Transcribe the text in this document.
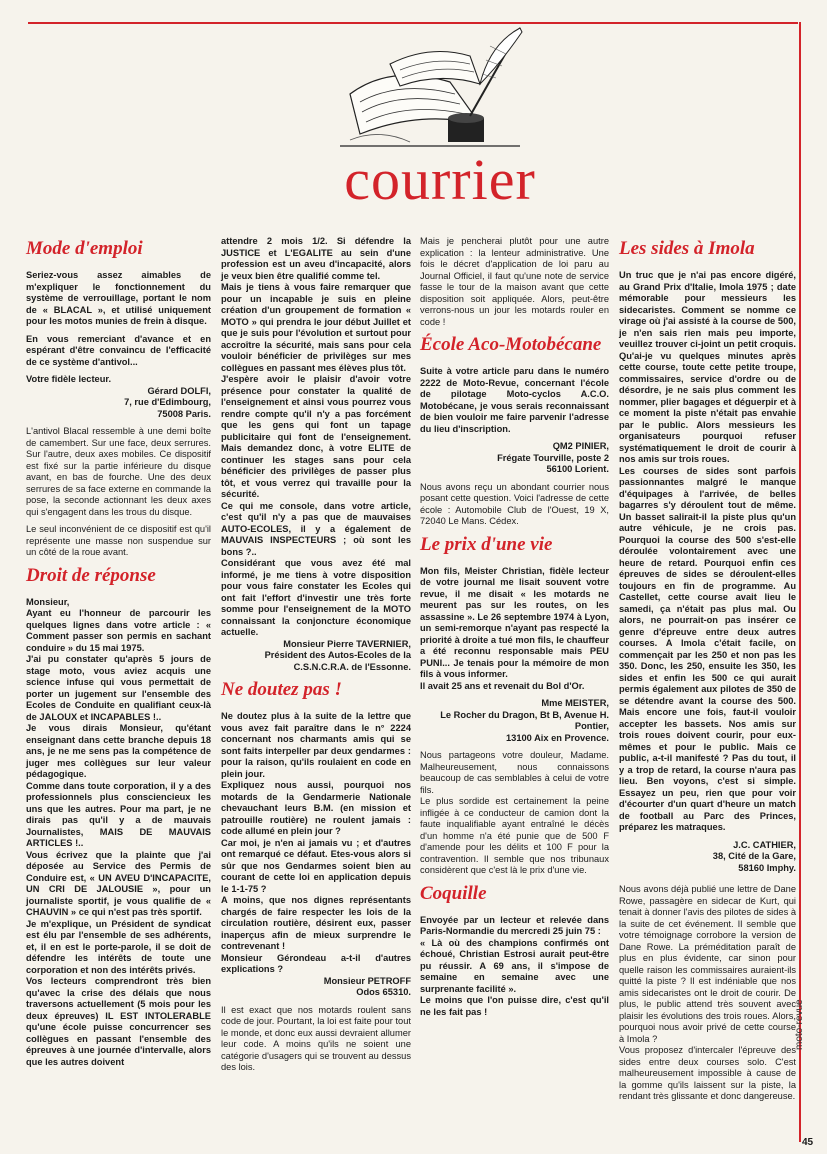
courrier
Mode d'emploi

Seriez-vous assez aimables de m'expliquer le fonctionnement du système de verrouillage, portant le nom de « BLACAL », et utilisé uniquement pour les motos munies de frein à disque.

En vous remerciant d'avance et en espérant d'être convaincu de l'efficacité de ce système d'antivol...

Votre fidèle lecteur.

Gérard DOLFI,

7, rue d'Edimbourg,

75008 Paris.

L'antivol Blacal ressemble à une demi boîte de camembert. Sur une face, deux serrures. Sur l'autre, deux axes mobiles. Ce dispositif est fixé sur la partie inférieure du disque avant, en bas de fourche. Une des deux serrures de sa face externe en commande la pose, la seconde actionnant les deux axes qui s'engagent dans les trous du disque.

Le seul inconvénient de ce dispositif est qu'il représente une masse non suspendue sur un côté de la roue avant.

Droit de réponse

Monsieur,

Ayant eu l'honneur de parcourir les quelques lignes dans votre article : « Comment passer son permis en sachant conduire » du 15 mai 1975.

J'ai pu constater qu'après 5 jours de stage moto, vous aviez acquis une science infuse qui vous permettait de porter un jugement sur l'ensemble des Ecoles de Conduite en qualifiant ceux-là de JALOUX et INCAPABLES !..

Je vous dirais Monsieur, qu'étant enseignant dans cette branche depuis 18 ans, je ne me sens pas la compétence de juger mes collègues sur leur valeur pédagogique.

Comme dans toute corporation, il y a des professionnels plus consciencieux les uns que les autres. Pour ma part, je ne dirais pas qu'il y a de mauvais Journalistes, MAIS DE MAUVAIS ARTICLES !..

Vous écrivez que la plainte que j'ai déposée au Service des Permis de Conduire est, « UN AVEU D'INCAPACITE, UN CRI DE JALOUSIE », pour un journaliste sportif, je vous qualifie de « CHAUVIN » ce qui n'est pas très sportif.

Je m'explique, un Président de syndicat est élu par l'ensemble de ses adhérents, et, il en est le porte-parole, il se doit de défendre les intérêts de toute une corporation et non des intérêts privés.

Vos lecteurs comprendront très bien qu'avec la crise des délais que nous traversons actuellement (5 mois pour les deux épreuves) IL EST INTOLERABLE qu'une école puisse concurrencer ses collègues en passant l'ensemble des épreuves à une journée d'intervalle, alors que les autres doivent

attendre 2 mois 1/2. Si défendre la JUSTICE et L'EGALITE au sein d'une profession est un aveu d'incapacité, alors je veux bien être qualifié comme tel.

Mais je tiens à vous faire remarquer que pour un incapable je suis en pleine création d'un groupement de formation « MOTO » qui prendra le jour début Juillet et que je suis pour l'évolution et surtout pour accroître la sécurité, mais sans pour cela vouloir bénéficier de privilèges sur mes collègues en passant mes élèves plus tôt.

J'espère avoir le plaisir d'avoir votre présence pour constater la qualité de l'enseignement et ainsi vous pourrez vous rendre compte qu'il n'y a pas forcément que les gens qui font un tapage publicitaire qui font de l'enseignement. Mais demandez donc, à votre ELITE de continuer les stages sans pour cela bénéficier des privilèges de passer plus tôt, et vous verrez qui travaille pour la sécurité.

Ce qui me console, dans votre article, c'est qu'il n'y a pas que de mauvaises AUTO-ECOLES, il y a également de MAUVAIS INSPECTEURS ; où sont les bons ?..

Considérant que vous avez été mal informé, je me tiens à votre disposition pour vous faire constater les Ecoles qui ont fait l'effort d'investir une très forte somme pour l'enseignement de la MOTO connaissant la conjoncture économique actuelle.

Monsieur Pierre TAVERNIER,

Président des Autos-Ecoles de la C.S.N.C.R.A. de l'Essonne.

Ne doutez pas !

Ne doutez plus à la suite de la lettre que vous avez fait paraître dans le n° 2224 concernant nos charmants amis qui se sont faits interpeller par deux gendarmes : pour la raison, qu'ils roulaient en code en plein jour.

Expliquez nous aussi, pourquoi nos motards de la Gendarmerie Nationale chevauchant leurs B.M. (en mission et patrouille routière) ne roulent jamais : code allumé en plein jour ?

Car moi, je n'en ai jamais vu ; et d'autres ont remarqué ce défaut. Etes-vous alors si sûr que nos Gendarmes soient bien au courant de cette loi en application depuis le 1-1-75 ?

A moins, que nos dignes représentants chargés de faire respecter les lois de la circulation routière, désirent eux, passer inaperçus afin de mieux surprendre le contrevenant !

Monsieur Gérondeau a-t-il d'autres explications ?

Monsieur PETROFF

Odos 65310.

Il est exact que nos motards roulent sans code de jour. Pourtant, la loi est faite pour tout le monde, et donc eux aussi devraient allumer leur code. A moins qu'ils ne soient une catégorie d'usagers qui se trouvent au dessus des lois.

Mais je pencherai plutôt pour une autre explication : la lenteur administrative. Une fois le décret d'application de loi paru au Journal Officiel, il faut qu'une note de service fasse le tour de la maison avant que cette disposition soit appliquée. Alors, peut-être verrons-nous un jour les motards rouler en code !

École Aco-Motobécane

Suite à votre article paru dans le numéro 2222 de Moto-Revue, concernant l'école de pilotage Moto-cyclos A.C.O. Motobécane, je vous serais reconnaissant de bien vouloir me faire parvenir l'adresse du lieu d'inscription.

QM2 PINIER,

Frégate Tourville, poste 2

56100 Lorient.

Nous avons reçu un abondant courrier nous posant cette question. Voici l'adresse de cette école : Automobile Club de l'Ouest, 19 X, 72040 Le Mans. Cédex.

Le prix d'une vie

Mon fils, Meister Christian, fidèle lecteur de votre journal me lisait souvent votre revue, il me disait « les motards ne meurent pas sur les routes, on les assassine ». Le 26 septembre 1974 à Lyon, un semi-remorque n'ayant pas respecté la priorité à droite a tué mon fils, le chauffeur a été reconnu responsable mais PEU PUNI... Je tenais pour la mémoire de mon fils à vous informer.

Il avait 25 ans et revenait du Bol d'Or.

Mme MEISTER,

Le Rocher du Dragon, Bt B, Avenue H. Pontier,

13100 Aix en Provence.

Nous partageons votre douleur, Madame. Malheureusement, nous connaissons beaucoup de cas semblables à celui de votre fils.

Le plus sordide est certainement la peine infligée à ce conducteur de camion dont la faute inqualifiable ayant entraîné le décès d'un homme n'a été punie que de 500 F d'amende pour les délits et 100 F pour la contravention. Il semble que nos tribunaux considèrent que c'est là le prix d'une vie.

Coquille

Envoyée par un lecteur et relevée dans Paris-Normandie du mercredi 25 juin 75 :

« Là où des champions confirmés ont échoué, Christian Estrosi aurait peut-être pu réussir. A 69 ans, il s'impose de semaine en semaine avec une surprenante facilité ».

Le moins que l'on puisse dire, c'est qu'il ne les fait pas !

Les sides à Imola

Un truc que je n'ai pas encore digéré, au Grand Prix d'Italie, Imola 1975 ; date mémorable pour messieurs les sidecaristes. Comment se nomme ce virage où j'ai assisté à la course de 500, je n'en sais rien mais peu importe, veuillez trouver ci-joint un petit croquis. Qu'ai-je vu quelques minutes après cette course, toute cette petite troupe, commissaires, service d'ordre ou de désordre, je ne sais plus comment les nommer, plier bagages et déguerpir et à ce moment la piste n'était pas envahie par le public. Alors messieurs les organisateurs pourquoi refuser systématiquement le droit de courir à nos amis sur trois roues.

Les courses de sides sont parfois passionnantes malgré le manque d'équipages à l'arrivée, de belles bagarres s'y déroulent tout de même. Un basset salirait-il la piste plus qu'un autre véhicule, je ne crois pas. Pourquoi la course des 500 s'est-elle déroulée volontairement avec une heure de retard. Pourquoi enfin ces épreuves de sides se déroulent-elles toujours en fin de programme. Au Castellet, cette course avait lieu le samedi, ça n'était pas plus mal. Ou alors, ne pourrait-on pas insérer ce genre d'épreuve entre deux autres courses. A Imola c'était facile, on commençait par les 250 et non pas les 350. Donc, les 250, ensuite les 350, les sides et enfin les 500 ce qui aurait permis également aux pilotes de 350 de se détendre avant la course des 500. Mais encore une fois, faut-il vouloir accepter les bassets. Nos amis sur trois roues doivent courir, pour eux-mêmes et pour le public. Mais ce public, a-t-il manifesté ? Pas du tout, il y a trop de retard, la course n'aura pas lieu. Ben voyons, c'est si simple. Essayez un peu, rien que pour voir d'écourter d'un quart d'heure un match de football au Parc des Princes, préparez les matraques.

J.C. CATHIER,

38, Cité de la Gare,

58160 Imphy.

Nous avons déjà publié une lettre de Dane Rowe, passagère en sidecar de Kurt, qui tenait à donner l'avis des pilotes de sides à la suite de cet événement. Il semble que votre témoignage corrobore la version de Dane Rowe. La préméditation paraît de plus en plus évidente, car sinon pour quelle raison les commissaires auraient-ils quitté la piste ? Il est indéniable que nos amis sidecaristes ont le droit de courir. De plus, le public attend très souvent avec plaisir les évolutions des trois roues. Alors, pourquoi nous avoir privé de cette course à Imola ?

Vous proposez d'intercaler l'épreuve des sides entre deux courses solo. C'est malheureusement impossible à cause de la gomme qu'ils laissent sur la piste, la rendant très glissante et donc dangereuse.

moto-revue
45
